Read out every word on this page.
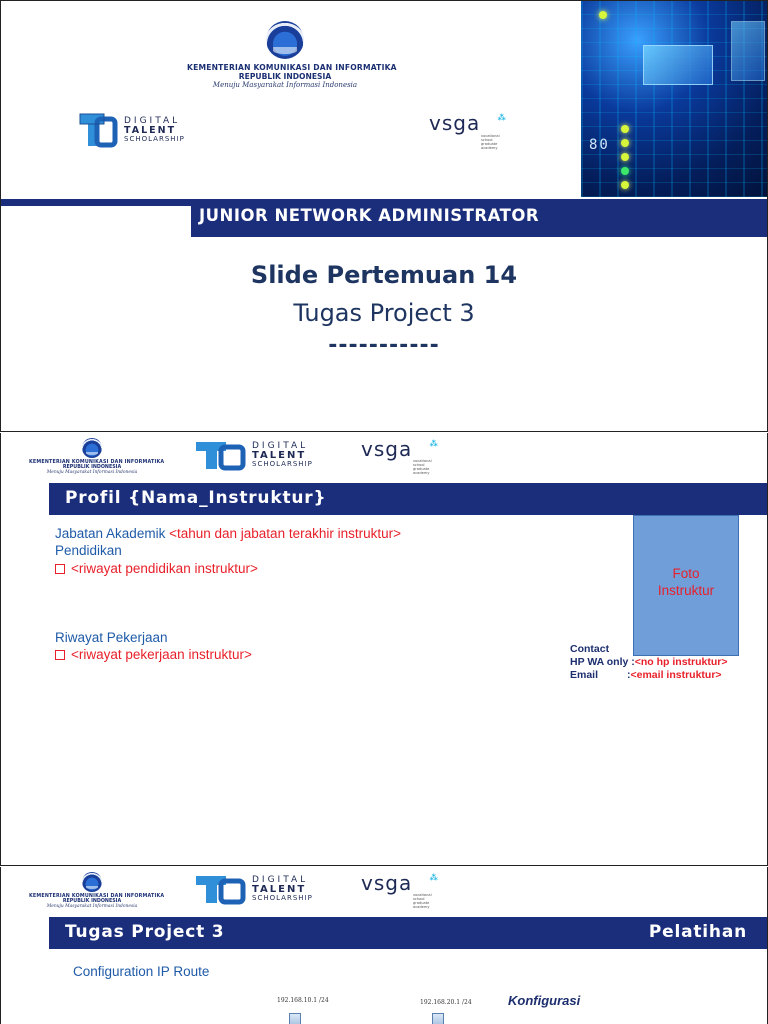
KEMENTERIAN KOMUNIKASI DAN INFORMATIKA
REPUBLIK INDONESIA
Menuju Masyarakat Informasi Indonesia
DIGITAL
TALENT
SCHOLARSHIP
vsga
vocational
school
graduate
academy
⁂
80
JUNIOR NETWORK ADMINISTRATOR
Slide Pertemuan 14
Tugas Project 3
-----------
KEMENTERIAN KOMUNIKASI DAN INFORMATIKA
REPUBLIK INDONESIA
Menuju Masyarakat Informasi Indonesia
DIGITAL
TALENT
SCHOLARSHIP
vsga vocational
school
graduate
academy
⁂
Profil {Nama_Instruktur}
Jabatan Akademik <tahun dan jabatan terakhir instruktur>
Pendidikan
<riwayat pendidikan instruktur>
Riwayat Pekerjaan
<riwayat pekerjaan instruktur>
Foto
Instruktur
Contact
HP WA only :<no hp instruktur>
Email	:<email instruktur>
KEMENTERIAN KOMUNIKASI DAN INFORMATIKA
REPUBLIK INDONESIA
Menuju Masyarakat Informasi Indonesia
DIGITAL
TALENT
SCHOLARSHIP
vsga vocational
school
graduate
academy
⁂
Tugas Project 3	Pelatihan
Configuration IP Route
192.168.10.1 /24	192.168.20.1 /24	Konfigurasi
